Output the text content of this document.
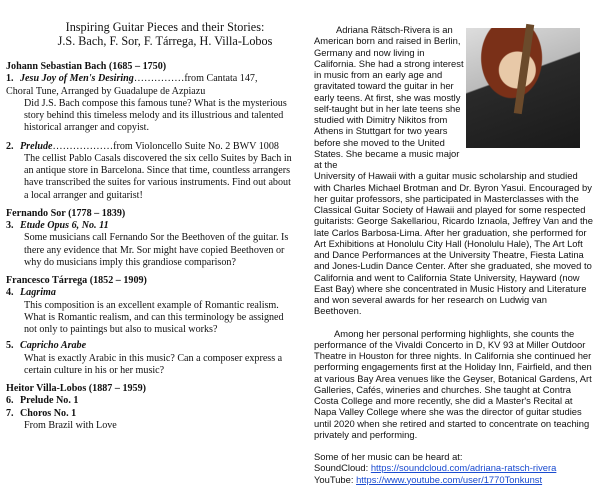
Inspiring Guitar Pieces and their Stories:
J.S. Bach, F. Sor, F. Tárrega, H. Villa-Lobos

Johann Sebastian Bach (1685 – 1750)

1. Jesu Joy of Men's Desiring……………from Cantata 147,

Choral Tune, Arranged by Guadalupe de Azpiazu

Did J.S. Bach compose this famous tune? What is the mysterious story behind this timeless melody and its illustrious and talented historical arranger and copyist.

2. Prelude………………from Violoncello Suite No. 2 BWV 1008

The cellist Pablo Casals discovered the six cello Suites by Bach in an antique store in Barcelona. Since that time, countless arrangers have transcribed the suites for various instruments. Find out about a local arranger and guitarist!

Fernando Sor (1778 – 1839)

3. Etude Opus 6, No. 11

Some musicians call Fernando Sor the Beethoven of the guitar. Is there any evidence that Mr. Sor might have copied Beethoven or why do musicians imply this grandiose comparison?

Francesco Tárrega (1852 – 1909)

4. Lagrima

This composition is an excellent example of Romantic realism. What is Romantic realism, and can this terminology be assigned not only to paintings but also to musical works?

5. Capricho Arabe

What is exactly Arabic in this music? Can a composer express a certain culture in his or her music?

Heitor Villa-Lobos (1887 – 1959)

6. Prelude No. 1

7. Choros No. 1

From Brazil with Love

Adriana Rätsch-Rivera is an American born and raised in Berlin, Germany and now living in California. She had a strong interest in music from an early age and gravitated toward the guitar in her early teens. At first, she was mostly self-taught but in her late teens she studied with Dimitry Nikitos from Athens in Stuttgart for two years before she moved to the United States. She became a music major at the

University of Hawaii with a guitar music scholarship and studied with Charles Michael Brotman and Dr. Byron Yasui. Encouraged by her guitar professors, she participated in Masterclasses with the Classical Guitar Society of Hawaii and played for some respected guitarists: George Sakellariou, Ricardo Iznaola, Jeffrey Van and the late Carlos Barbosa-Lima. After her graduation, she performed for Art Exhibitions at Honolulu City Hall (Honolulu Hale), The Art Loft and Dance Performances at the University Theatre, Fiesta Latina and Jones-Ludin Dance Center. After she graduated, she moved to California and went to California State University, Hayward (now East Bay) where she concentrated in Music History and Literature and won several awards for her research on Ludwig van Beethoven.

Among her personal performing highlights, she counts the performance of the Vivaldi Concerto in D, KV 93 at Miller Outdoor Theatre in Houston for three nights. In California she continued her performing engagements first at the Holiday Inn, Fairfield, and then at various Bay Area venues like the Geyser, Botanical Gardens, Art Galleries, Cafés, wineries and churches. She taught at Contra Costa College and more recently, she did a Master's Recital at Napa Valley College where she was the director of guitar studies until 2020 when she retired and started to concentrate on teaching privately and performing.

Some of her music can be heard at:

SoundCloud: https://soundcloud.com/adriana-ratsch-rivera

YouTube: https://www.youtube.com/user/1770Tonkunst
